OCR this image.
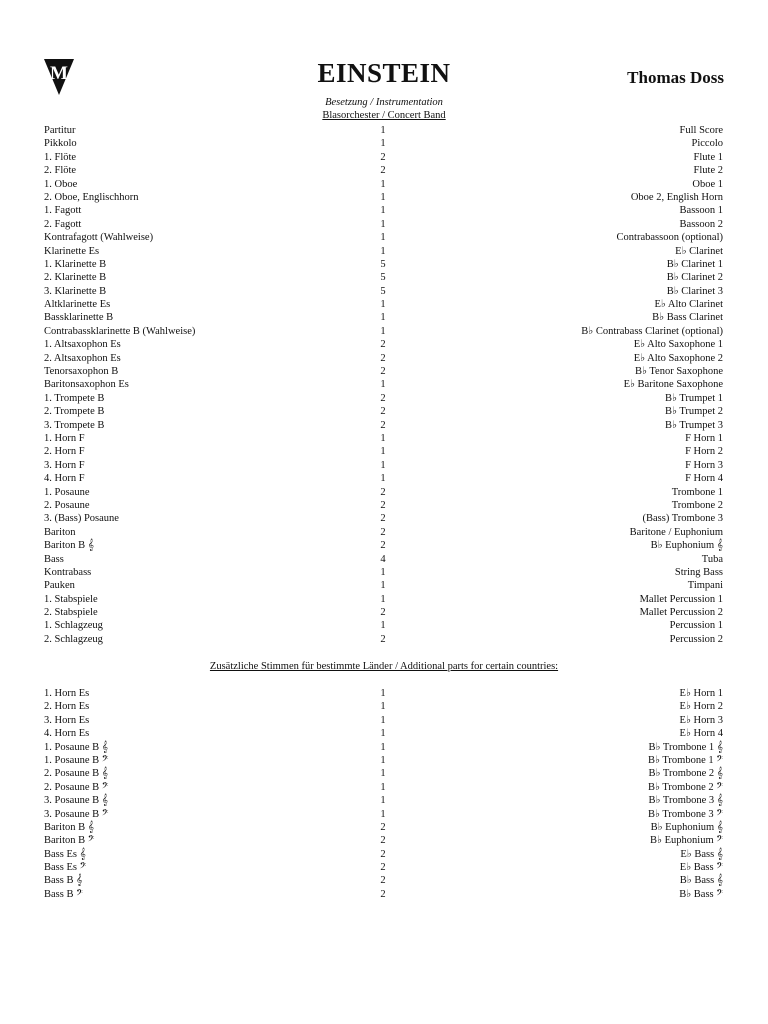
M	EINSTEIN	Thomas Doss
Besetzung / Instrumentation
Blasorchester / Concert Band
Partitur	1	Full Score
Pikkolo	1	Piccolo
1. Flöte	2	Flute 1
2. Flöte	2	Flute 2
1. Oboe	1	Oboe 1
2. Oboe, Englischhorn	1	Oboe 2, English Horn
1. Fagott	1	Bassoon 1
2. Fagott	1	Bassoon 2
Kontrafagott (Wahlweise)	1	Contrabassoon (optional)
Klarinette Es	1	E♭ Clarinet
1. Klarinette B	5	B♭ Clarinet 1
2. Klarinette B	5	B♭ Clarinet 2
3. Klarinette B	5	B♭ Clarinet 3
Altklarinette Es	1	E♭ Alto Clarinet
Bassklarinette B	1	B♭ Bass Clarinet
Contrabassklarinette B (Wahlweise)	1	B♭ Contrabass Clarinet (optional)
1. Altsaxophon Es	2	E♭ Alto Saxophone 1
2. Altsaxophon Es	2	E♭ Alto Saxophone 2
Tenorsaxophon B	2	B♭ Tenor Saxophone
Baritonsaxophon Es	1	E♭ Baritone Saxophone
1. Trompete B	2	B♭ Trumpet 1
2. Trompete B	2	B♭ Trumpet 2
3. Trompete B	2	B♭ Trumpet 3
1. Horn F	1	F Horn 1
2. Horn F	1	F Horn 2
3. Horn F	1	F Horn 3
4. Horn F	1	F Horn 4
1. Posaune	2	Trombone 1
2. Posaune	2	Trombone 2
3. (Bass) Posaune	2	(Bass) Trombone 3
Bariton	2	Baritone / Euphonium
Bariton B 𝄞	2	B♭ Euphonium 𝄞
Bass	4	Tuba
Kontrabass	1	String Bass
Pauken	1	Timpani
1. Stabspiele	1	Mallet Percussion 1
2. Stabspiele	2	Mallet Percussion 2
1. Schlagzeug	1	Percussion 1
2. Schlagzeug	2	Percussion 2
Zusätzliche Stimmen für bestimmte Länder / Additional parts for certain countries:
1. Horn Es	1	E♭ Horn 1
2. Horn Es	1	E♭ Horn 2
3. Horn Es	1	E♭ Horn 3
4. Horn Es	1	E♭ Horn 4
1. Posaune B 𝄞	1	B♭ Trombone 1 𝄞
1. Posaune B 𝄢	1	B♭ Trombone 1 𝄢
2. Posaune B 𝄞	1	B♭ Trombone 2 𝄞
2. Posaune B 𝄢	1	B♭ Trombone 2 𝄢
3. Posaune B 𝄞	1	B♭ Trombone 3 𝄞
3. Posaune B 𝄢	1	B♭ Trombone 3 𝄢
Bariton B 𝄞	2	B♭ Euphonium 𝄞
Bariton B 𝄢	2	B♭ Euphonium 𝄢
Bass Es 𝄞	2	E♭ Bass 𝄞
Bass Es 𝄢	2	E♭ Bass 𝄢
Bass B 𝄞	2	B♭ Bass 𝄞
Bass B 𝄢	2	B♭ Bass 𝄢
